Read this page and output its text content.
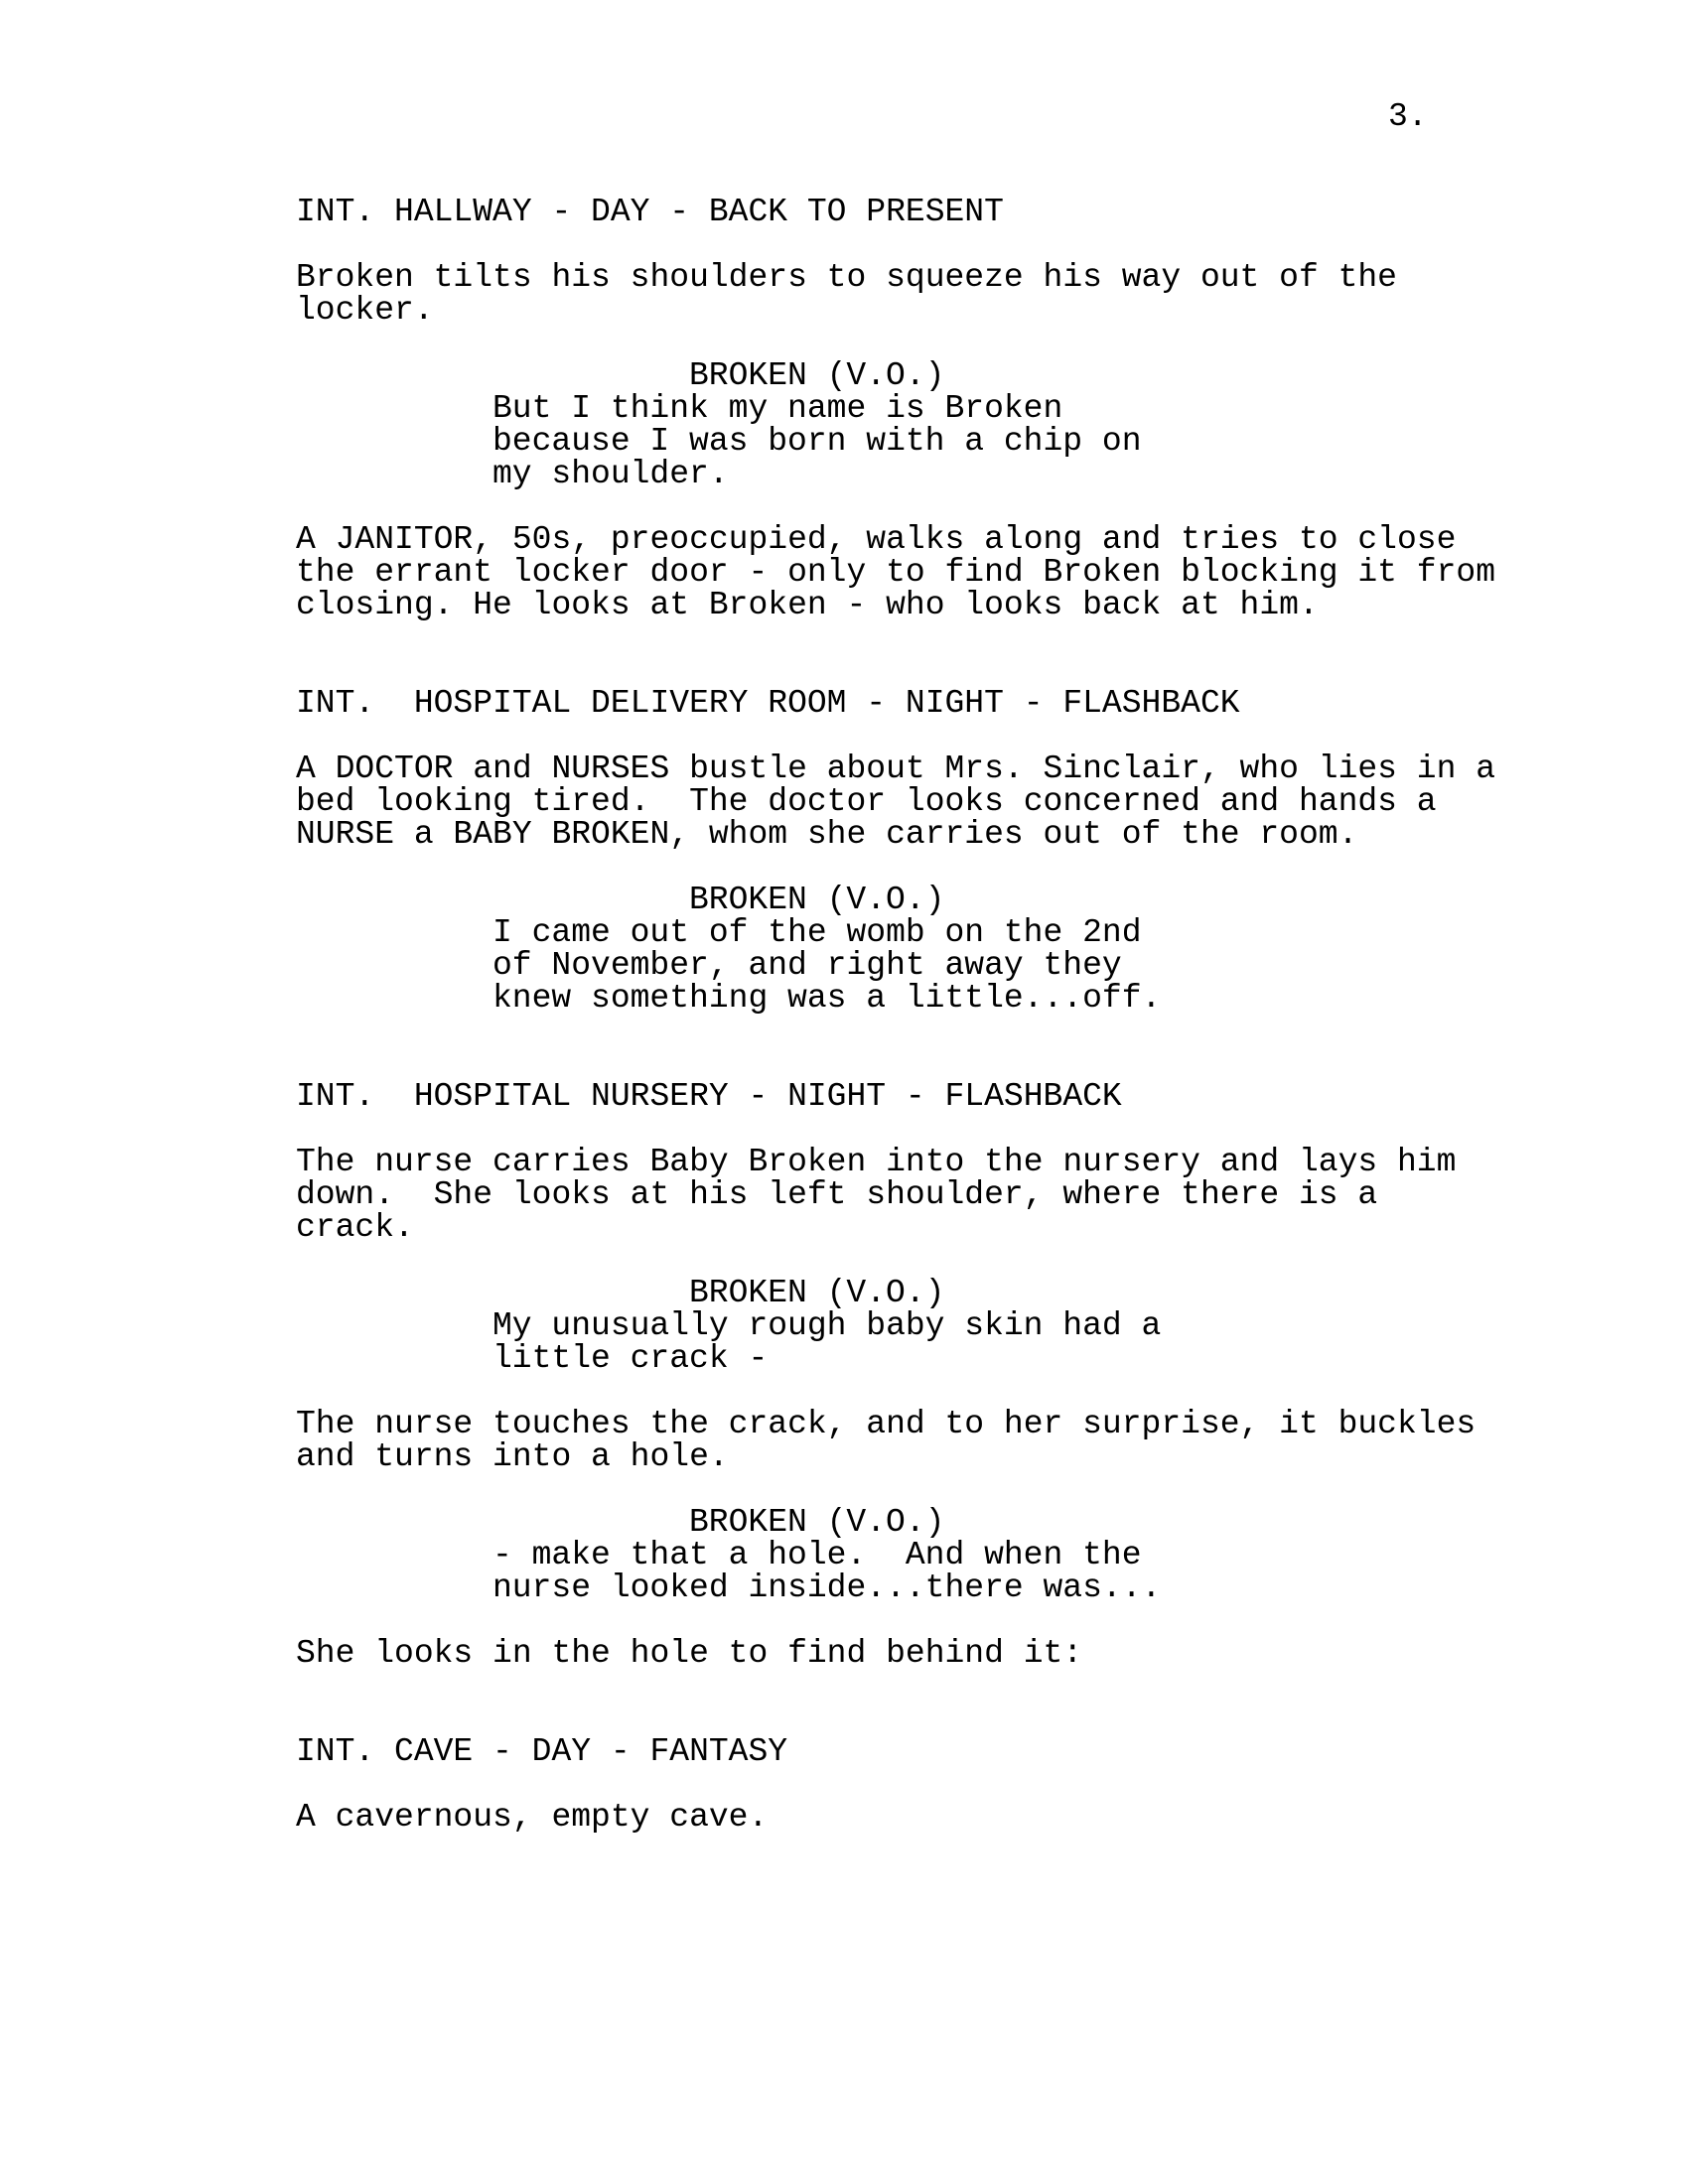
3.
INT. HALLWAY - DAY - BACK TO PRESENT
Broken tilts his shoulders to squeeze his way out of the
locker.
BROKEN (V.O.)
But I think my name is Broken
because I was born with a chip on
my shoulder.
A JANITOR, 50s, preoccupied, walks along and tries to close
the errant locker door - only to find Broken blocking it from
closing. He looks at Broken - who looks back at him.
INT.  HOSPITAL DELIVERY ROOM - NIGHT - FLASHBACK
A DOCTOR and NURSES bustle about Mrs. Sinclair, who lies in a
bed looking tired.  The doctor looks concerned and hands a
NURSE a BABY BROKEN, whom she carries out of the room.
BROKEN (V.O.)
I came out of the womb on the 2nd
of November, and right away they
knew something was a little...off.
INT.  HOSPITAL NURSERY - NIGHT - FLASHBACK
The nurse carries Baby Broken into the nursery and lays him
down.  She looks at his left shoulder, where there is a
crack.
BROKEN (V.O.)
My unusually rough baby skin had a
little crack -
The nurse touches the crack, and to her surprise, it buckles
and turns into a hole.
BROKEN (V.O.)
- make that a hole.  And when the
nurse looked inside...there was...
She looks in the hole to find behind it:
INT. CAVE - DAY - FANTASY
A cavernous, empty cave.
